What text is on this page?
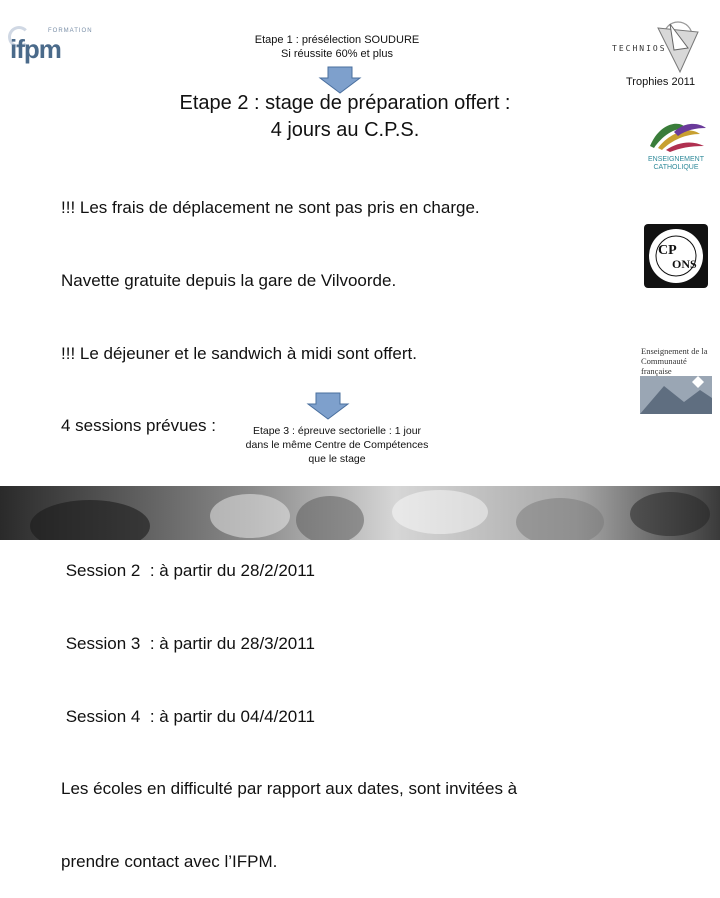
ifpm
FORMATION
Etape 1 : présélection SOUDURE
Si réussite 60% et plus
Etape 2 : stage de préparation offert :
4 jours au C.P.S.

!!! Les frais de déplacement ne sont pas pris en charge.

Navette gratuite depuis la gare de Vilvoorde.

!!! Le déjeuner et le sandwich à midi sont offert.

4 sessions prévues :

Session 2  : à partir du 28/2/2011

Session 3  : à partir du 28/3/2011

Session 4  : à partir du 04/4/2011

Les écoles en difficulté par rapport aux dates, sont invitées à

prendre contact avec l’IFPM.

Etape 3 : épreuve sectorielle : 1 jour
dans le même Centre de Compétences
que le stage
TECHNIOS
Trophies 2011
ENSEIGNEMENT
CATHOLIQUE
CP
ONS
Enseignement de la
Communauté française
